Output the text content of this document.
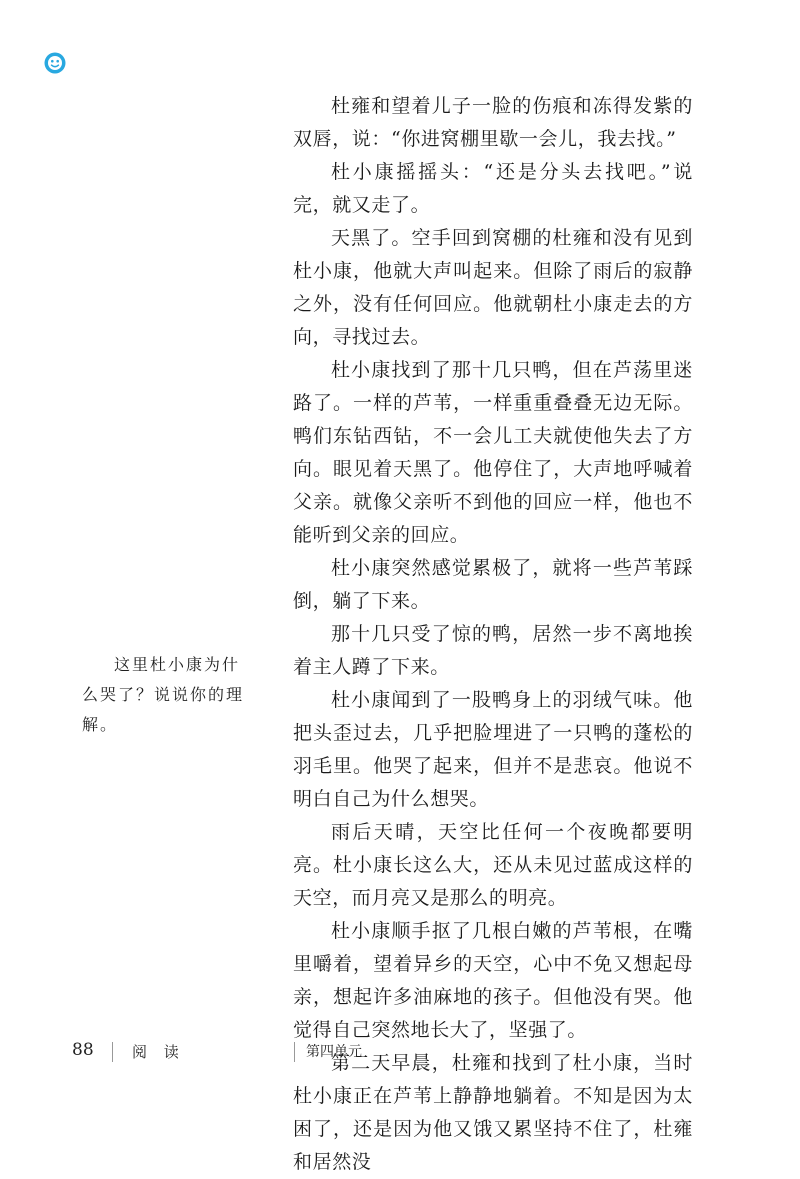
杜雍和望着儿子一脸的伤痕和冻得发紫的双唇，说：“你进窝棚里歇一会儿，我去找。”

杜小康摇摇头：“还是分头去找吧。”说完，就又走了。

天黑了。空手回到窝棚的杜雍和没有见到杜小康，他就大声叫起来。但除了雨后的寂静之外，没有任何回应。他就朝杜小康走去的方向，寻找过去。

杜小康找到了那十几只鸭，但在芦荡里迷路了。一样的芦苇，一样重重叠叠无边无际。鸭们东钻西钻，不一会儿工夫就使他失去了方向。眼见着天黑了。他停住了，大声地呼喊着父亲。就像父亲听不到他的回应一样，他也不能听到父亲的回应。

杜小康突然感觉累极了，就将一些芦苇踩倒，躺了下来。

那十几只受了惊的鸭，居然一步不离地挨着主人蹲了下来。

杜小康闻到了一股鸭身上的羽绒气味。他把头歪过去，几乎把脸埋进了一只鸭的蓬松的羽毛里。他哭了起来，但并不是悲哀。他说不明白自己为什么想哭。

雨后天晴，天空比任何一个夜晚都要明亮。杜小康长这么大，还从未见过蓝成这样的天空，而月亮又是那么的明亮。

杜小康顺手抠了几根白嫩的芦苇根，在嘴里嚼着，望着异乡的天空，心中不免又想起母亲，想起许多油麻地的孩子。但他没有哭。他觉得自己突然地长大了，坚强了。

第二天早晨，杜雍和找到了杜小康，当时杜小康正在芦苇上静静地躺着。不知是因为太困了，还是因为他又饿又累坚持不住了，杜雍和居然没

这里杜小康为什么哭了？说说你的理解。
88	阅 读	第四单元
